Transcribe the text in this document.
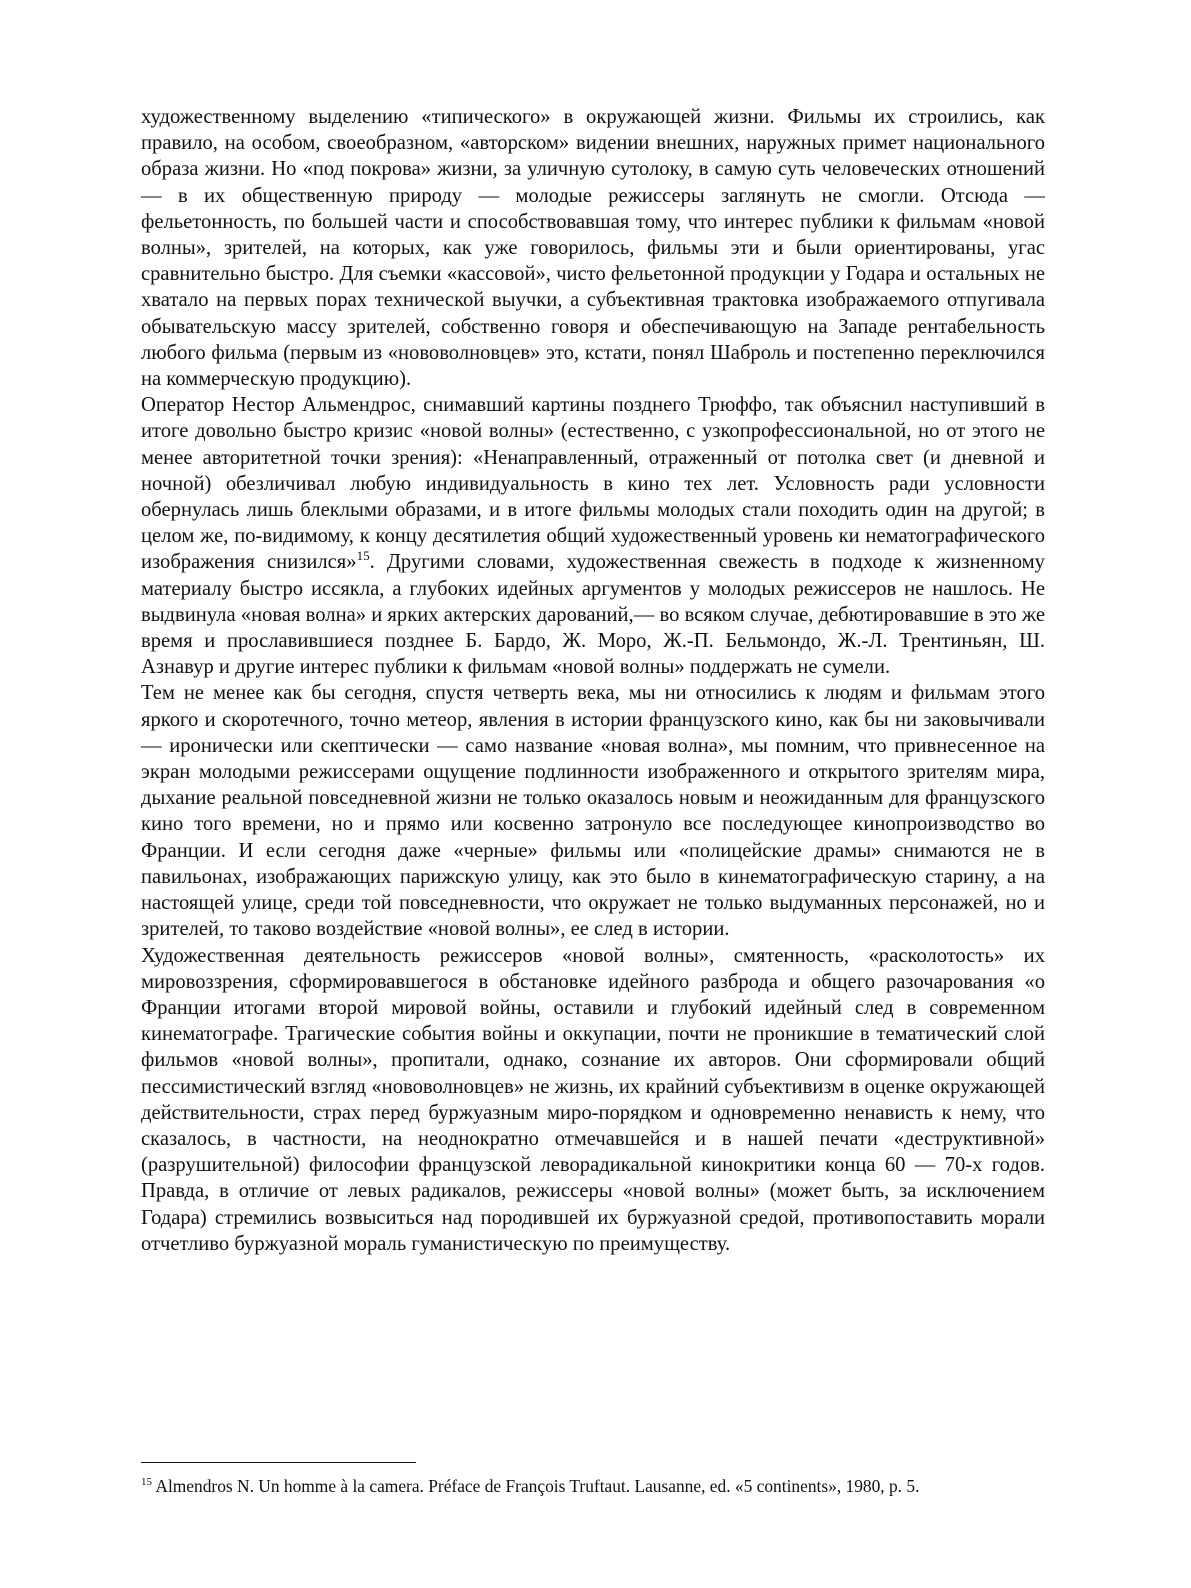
художественному выделению «типического» в окружающей жизни. Фильмы их строились, как правило, на особом, своеобразном, «авторском» видении внешних, наружных примет национального образа жизни. Но «под покрова» жизни, за уличную сутолоку, в самую суть человеческих отношений — в их общественную природу — молодые режиссеры заглянуть не смогли. Отсюда — фельетонность, по большей части и способствовавшая тому, что интерес публики к фильмам «новой волны», зрителей, на которых, как уже говорилось, фильмы эти и были ориентированы, угас сравнительно быстро. Для съемки «кассовой», чисто фельетонной продукции у Годара и остальных не хватало на первых порах технической выучки, а субъективная трактовка изображаемого отпугивала обывательскую массу зрителей, собственно говоря и обеспечивающую на Западе рентабельность любого фильма (первым из «нововолновцев» это, кстати, понял Шаброль и постепенно переключился на коммерческую продукцию).

Оператор Нестор Альмендрос, снимавший картины позднего Трюффо, так объяснил наступивший в итоге довольно быстро кризис «новой волны» (естественно, с узкопрофессиональной, но от этого не менее авторитетной точки зрения): «Ненаправленный, отраженный от потолка свет (и дневной и ночной) обезличивал любую индивидуальность в кино тех лет. Условность ради условности обернулась лишь блеклыми образами, и в итоге фильмы молодых стали походить один на другой; в целом же, по-видимому, к концу десятилетия общий художественный уровень ки нематографического изображения снизился»$^{15}$. Другими словами, художественная свежесть в подходе к жизненному материалу быстро иссякла, а глубоких идейных аргументов у молодых режиссеров не нашлось. Не выдвинула «новая волна» и ярких актерских дарований,— во всяком случае, дебютировавшие в это же время и прославившиеся позднее Б. Бардо, Ж. Моро, Ж.-П. Бельмондо, Ж.-Л. Трентиньян, Ш. Азнавур и другие интерес публики к фильмам «новой волны» поддержать не сумели.

Тем не менее как бы сегодня, спустя четверть века, мы ни относились к людям и фильмам этого яркого и скоротечного, точно метеор, явления в истории французского кино, как бы ни заковычивали — иронически или скептически — само название «новая волна», мы помним, что привнесенное на экран молодыми режиссерами ощущение подлинности изображенного и открытого зрителям мира, дыхание реальной повседневной жизни не только оказалось новым и неожиданным для французского кино того времени, но и прямо или косвенно затронуло все последующее кинопроизводство во Франции. И если сегодня даже «черные» фильмы или «полицейские драмы» снимаются не в павильонах, изображающих парижскую улицу, как это было в кинематографическую старину, а на настоящей улице, среди той повседневности, что окружает не только выдуманных персонажей, но и зрителей, то таково воздействие «новой волны», ее след в истории.

Художественная деятельность режиссеров «новой волны», смятенность, «расколотость» их мировоззрения, сформировавшегося в обстановке идейного разброда и общего разочарования «о Франции итогами второй мировой войны, оставили и глубокий идейный след в современном кинематографе. Трагические события войны и оккупации, почти не проникшие в тематический слой фильмов «новой волны», пропитали, однако, сознание их авторов. Они сформировали общий пессимистический взгляд «нововолновцев» не жизнь, их крайний субъективизм в оценке окружающей действительности, страх перед буржуазным миро-порядком и одновременно ненависть к нему, что сказалось, в частности, на неоднократно отмечавшейся и в нашей печати «деструктивной» (разрушительной) философии французской леворадикальной кинокритики конца 60 — 70-х годов. Правда, в отличие от левых радикалов, режиссеры «новой волны» (может быть, за исключением Годара) стремились возвыситься над породившей их буржуазной средой, противопоставить морали отчетливо буржуазной мораль гуманистическую по преимуществу.

$^{15}$ Almendros N. Un homme à la camera. Préface de François Truftaut. Lausanne, ed. «5 continents», 1980, p. 5.
